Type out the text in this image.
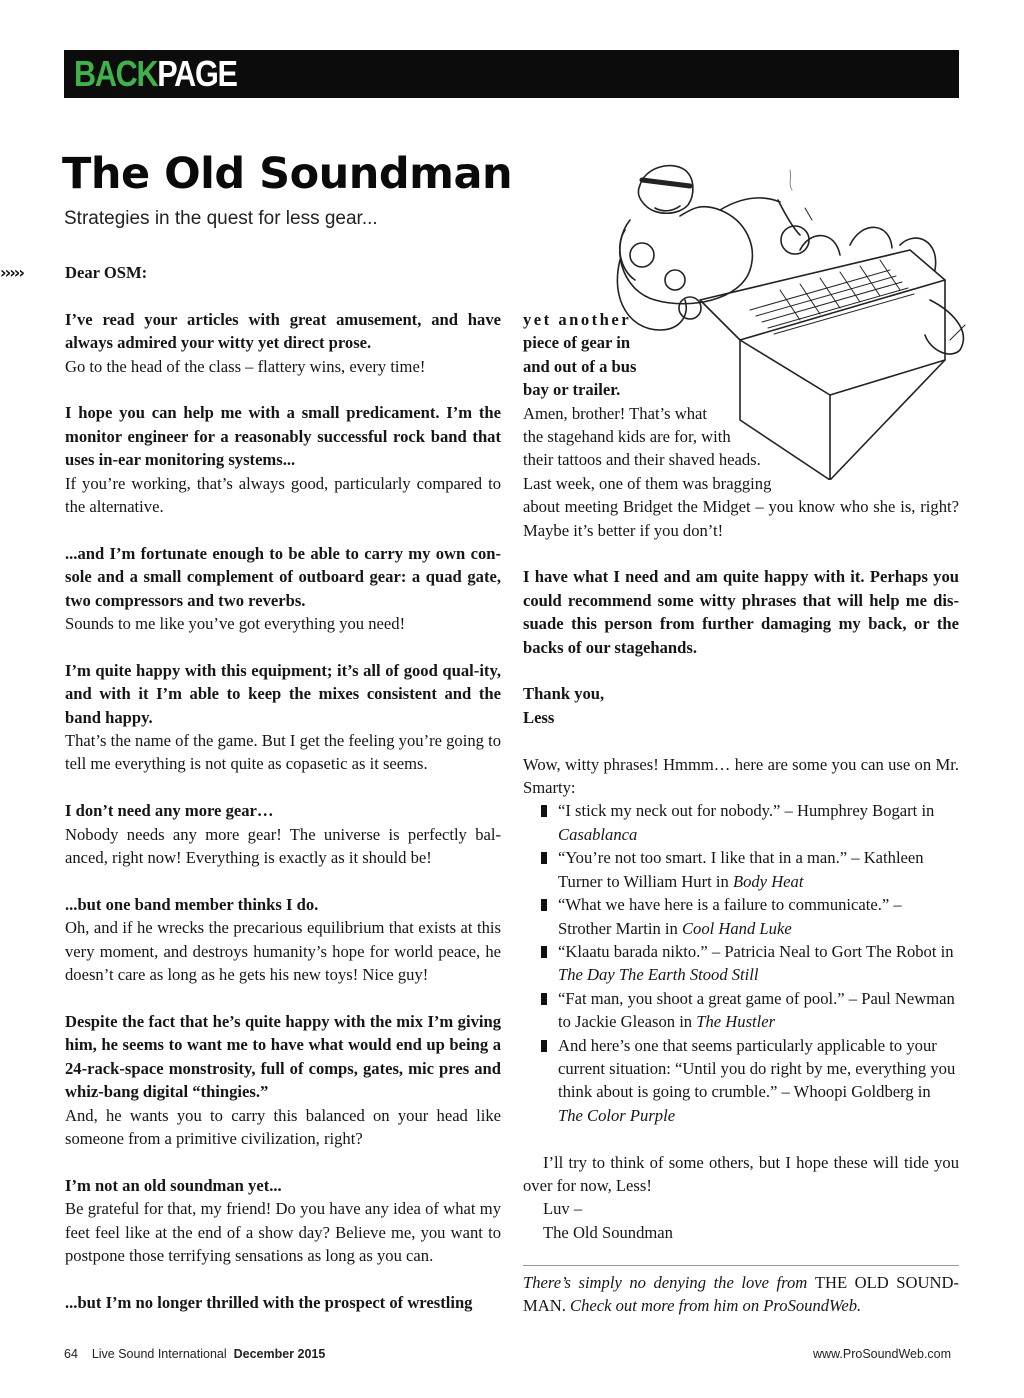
BACKPAGE
The Old Soundman
Strategies in the quest for less gear...
›››››	Dear OSM:

I’ve read your articles with great amusement, and have always admired your witty yet direct prose.
Go to the head of the class – flattery wins, every time!

I hope you can help me with a small predicament. I’m the monitor engineer for a reasonably successful rock band that uses in-ear monitoring systems...
If you’re working, that’s always good, particularly compared to the alternative.

...and I’m fortunate enough to be able to carry my own con-sole and a small complement of outboard gear: a quad gate, two compressors and two reverbs.
Sounds to me like you’ve got everything you need!

I’m quite happy with this equipment; it’s all of good qual-ity, and with it I’m able to keep the mixes consistent and the band happy.
That’s the name of the game. But I get the feeling you’re going to tell me everything is not quite as copasetic as it seems.

I don’t need any more gear…
Nobody needs any more gear! The universe is perfectly bal-anced, right now! Everything is exactly as it should be!

...but one band member thinks I do.
Oh, and if he wrecks the precarious equilibrium that exists at this very moment, and destroys humanity’s hope for world peace, he doesn’t care as long as he gets his new toys! Nice guy!

Despite the fact that he’s quite happy with the mix I’m giving him, he seems to want me to have what would end up being a 24-rack-space monstrosity, full of comps, gates, mic pres and whiz-bang digital “thingies.”
And, he wants you to carry this balanced on your head like someone from a primitive civilization, right?

I’m not an old soundman yet...
Be grateful for that, my friend! Do you have any idea of what my feet feel like at the end of a show day? Believe me, you want to postpone those terrifying sensations as long as you can.

...but I’m no longer thrilled with the prospect of wrestling

yet another
piece of gear in
and out of a bus
bay or trailer.
Amen, brother! That’s what
the stagehand kids are for, with
their tattoos and their shaved heads.
Last week, one of them was bragging
about meeting Bridget the Midget – you know who she is, right? Maybe it’s better if you don’t!

I have what I need and am quite happy with it. Perhaps you could recommend some witty phrases that will help me dis-suade this person from further damaging my back, or the backs of our stagehands.

Thank you,
Less

Wow, witty phrases! Hmmm… here are some you can use on Mr. Smarty:
“I stick my neck out for nobody.” – Humphrey Bogart in Casablanca
“You’re not too smart. I like that in a man.” – Kathleen Turner to William Hurt in Body Heat
“What we have here is a failure to communicate.” – Strother Martin in Cool Hand Luke
“Klaatu barada nikto.” – Patricia Neal to Gort The Robot in The Day The Earth Stood Still
“Fat man, you shoot a great game of pool.” – Paul Newman to Jackie Gleason in The Hustler
And here’s one that seems particularly applicable to your current situation: “Until you do right by me, everything you think about is going to crumble.” – Whoopi Goldberg in The Color Purple
I’ll try to think of some others, but I hope these will tide you over for now, Less!
Luv –
The Old Soundman
There’s simply no denying the love from THE OLD SOUND-MAN. Check out more from him on ProSoundWeb.
64 Live Sound International December 2015	www.ProSoundWeb.com
